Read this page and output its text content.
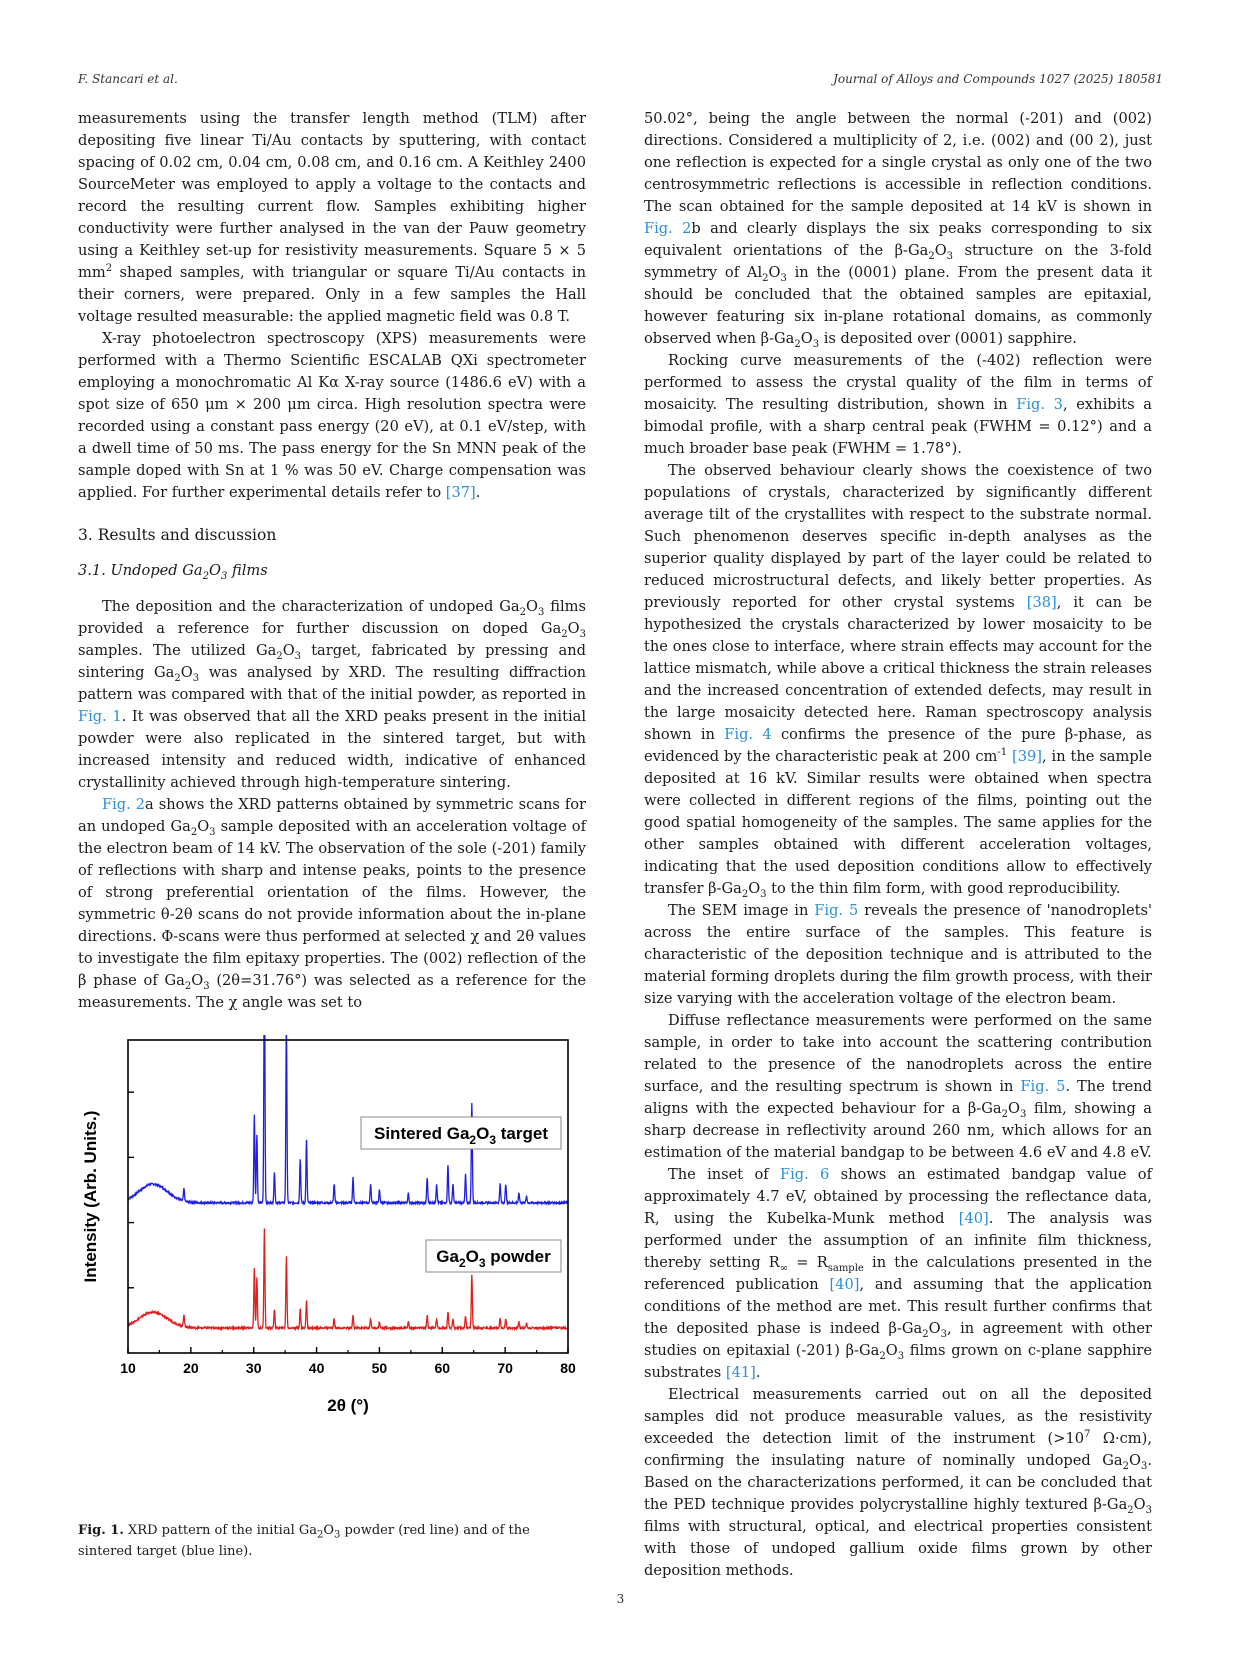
F. Stancari et al.	Journal of Alloys and Compounds 1027 (2025) 180581

measurements using the transfer length method (TLM) after depositing five linear Ti/Au contacts by sputtering, with contact spacing of 0.02 cm, 0.04 cm, 0.08 cm, and 0.16 cm. A Keithley 2400 SourceMeter was employed to apply a voltage to the contacts and record the resulting current flow. Samples exhibiting higher conductivity were further analysed in the van der Pauw geometry using a Keithley set-up for resistivity measurements. Square 5 × 5 $mm^2$ shaped samples, with triangular or square Ti/Au contacts in their corners, were prepared. Only in a few samples the Hall voltage resulted measurable: the applied magnetic field was 0.8 T.

X-ray photoelectron spectroscopy (XPS) measurements were performed with a Thermo Scientific ESCALAB QXi spectrometer employing a monochromatic Al Kα X-ray source (1486.6 eV) with a spot size of 650 μm × 200 μm circa. High resolution spectra were recorded using a constant pass energy (20 eV), at 0.1 eV/step, with a dwell time of 50 ms. The pass energy for the Sn MNN peak of the sample doped with Sn at 1 % was 50 eV. Charge compensation was applied. For further experimental details refer to [37].

3. Results and discussion
3.1. Undoped $Ga_2O_3$ films

The deposition and the characterization of undoped $Ga_2O_3$ films provided a reference for further discussion on doped $Ga_2O_3$ samples. The utilized $Ga_2O_3$ target, fabricated by pressing and sintering $Ga_2O_3$ was analysed by XRD. The resulting diffraction pattern was compared with that of the initial powder, as reported in Fig. 1. It was observed that all the XRD peaks present in the initial powder were also replicated in the sintered target, but with increased intensity and reduced width, indicative of enhanced crystallinity achieved through high-temperature sintering.

Fig. 2a shows the XRD patterns obtained by symmetric scans for an undoped $Ga_2O_3$ sample deposited with an acceleration voltage of the electron beam of 14 kV. The observation of the sole (-201) family of reflections with sharp and intense peaks, points to the presence of strong preferential orientation of the films. However, the symmetric θ-2θ scans do not provide information about the in-plane directions. Φ-scans were thus performed at selected χ and 2θ values to investigate the film epitaxy properties. The (002) reflection of the β phase of $Ga_2O_3$ (2θ=31.76°) was selected as a reference for the measurements. The χ angle was set to

50.02°, being the angle between the normal (-201) and (002) directions. Considered a multiplicity of 2, i.e. (002) and (00 2), just one reflection is expected for a single crystal as only one of the two centrosymmetric reflections is accessible in reflection conditions. The scan obtained for the sample deposited at 14 kV is shown in Fig. 2b and clearly displays the six peaks corresponding to six equivalent orientations of the $\beta-Ga_2O_3$ structure on the 3-fold symmetry of $Al_2O_3$ in the (0001) plane. From the present data it should be concluded that the obtained samples are epitaxial, however featuring six in-plane rotational domains, as commonly observed when $\beta-Ga_2O_3$ is deposited over (0001) sapphire.

Rocking curve measurements of the (-402) reflection were performed to assess the crystal quality of the film in terms of mosaicity. The resulting distribution, shown in Fig. 3, exhibits a bimodal profile, with a sharp central peak (FWHM = 0.12°) and a much broader base peak (FWHM = 1.78°).

The observed behaviour clearly shows the coexistence of two populations of crystals, characterized by significantly different average tilt of the crystallites with respect to the substrate normal. Such phenomenon deserves specific in-depth analyses as the superior quality displayed by part of the layer could be related to reduced microstructural defects, and likely better properties. As previously reported for other crystal systems [38], it can be hypothesized the crystals characterized by lower mosaicity to be the ones close to interface, where strain effects may account for the lattice mismatch, while above a critical thickness the strain releases and the increased concentration of extended defects, may result in the large mosaicity detected here. Raman spectroscopy analysis shown in Fig. 4 confirms the presence of the pure β-phase, as evidenced by the characteristic peak at 200 $cm^{-1}$ [39], in the sample deposited at 16 kV. Similar results were obtained when spectra were collected in different regions of the films, pointing out the good spatial homogeneity of the samples. The same applies for the other samples obtained with different acceleration voltages, indicating that the used deposition conditions allow to effectively transfer $\beta-Ga_2O_3$ to the thin film form, with good reproducibility.

The SEM image in Fig. 5 reveals the presence of 'nanodroplets' across the entire surface of the samples. This feature is characteristic of the deposition technique and is attributed to the material forming droplets during the film growth process, with their size varying with the acceleration voltage of the electron beam.

Diffuse reflectance measurements were performed on the same sample, in order to take into account the scattering contribution related to the presence of the nanodroplets across the entire surface, and the resulting spectrum is shown in Fig. 5. The trend aligns with the expected behaviour for a $\beta-Ga_2O_3$ film, showing a sharp decrease in reflectivity around 260 nm, which allows for an estimation of the material bandgap to be between 4.6 eV and 4.8 eV.

The inset of Fig. 6 shows an estimated bandgap value of approximately 4.7 eV, obtained by processing the reflectance data, R, using the Kubelka-Munk method [40]. The analysis was performed under the assumption of an infinite film thickness, thereby setting $R_\infty = R_{sample}$ in the calculations presented in the referenced publication [40], and assuming that the application conditions of the method are met. This result further confirms that the deposited phase is indeed $\beta-Ga_2O_3$, in agreement with other studies on epitaxial (-201) $\beta-Ga_2O_3$ films grown on c-plane sapphire substrates [41].

Electrical measurements carried out on all the deposited samples did not produce measurable values, as the resistivity exceeded the detection limit of the instrument ($>10^7$ Ω·cm), confirming the insulating nature of nominally undoped $Ga_2O_3$. Based on the characterizations performed, it can be concluded that the PED technique provides polycrystalline highly textured $\beta-Ga_2O_3$ films with structural, optical, and electrical properties consistent with those of undoped gallium oxide films grown by other deposition methods.

10	20	30	40	50	60	70	80
2θ (°)
Intensity (Arb. Units.)	Sintered $Ga_2O_3$ target
$Ga_2O_3$ powder
Fig. 1. XRD pattern of the initial $Ga_2O_3$ powder (red line) and of the sintered target (blue line).
3
